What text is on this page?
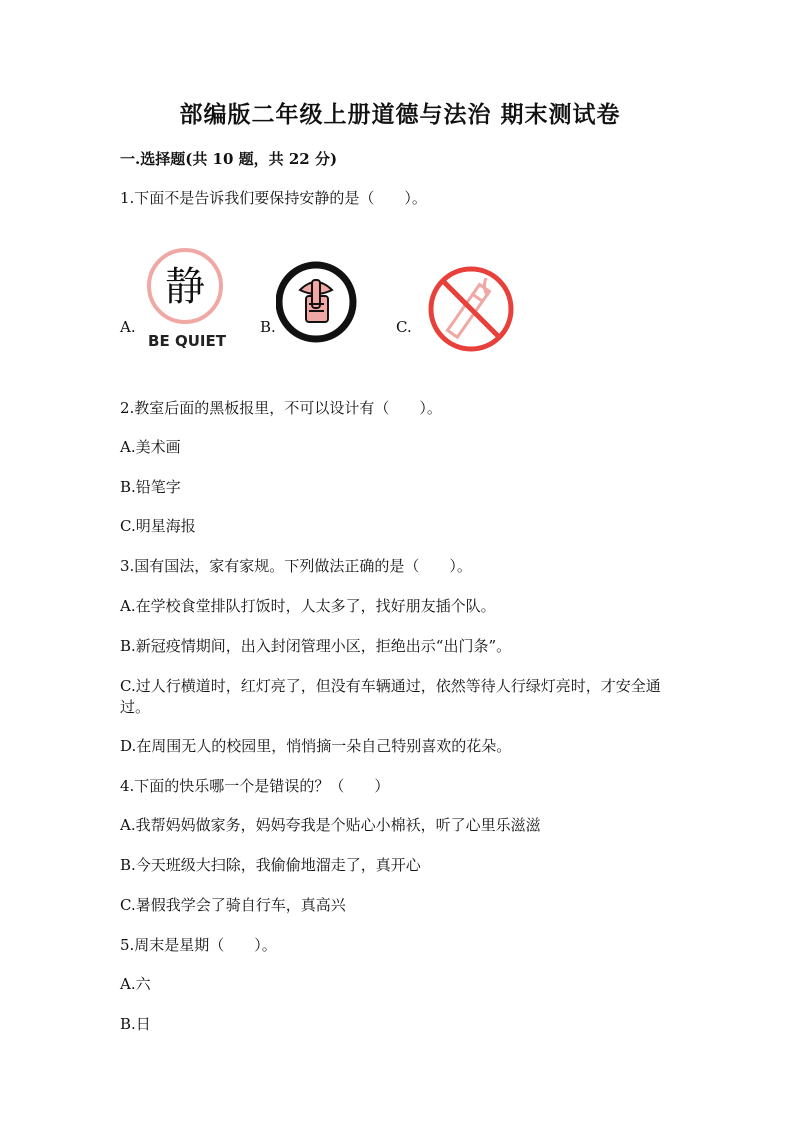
部编版二年级上册道德与法治 期末测试卷
一.选择题(共 10 题，共 22 分)
1.下面不是告诉我们要保持安静的是（　　）。
A.
静
BE QUIET
B.	C.
2.教室后面的黑板报里，不可以设计有（　　）。
A.美术画
B.铅笔字
C.明星海报
3.国有国法，家有家规。下列做法正确的是（　　）。
A.在学校食堂排队打饭时，人太多了，找好朋友插个队。
B.新冠疫情期间，出入封闭管理小区，拒绝出示“出门条”。
C.过人行横道时，红灯亮了，但没有车辆通过，依然等待人行绿灯亮时，才安全通过。
D.在周围无人的校园里，悄悄摘一朵自己特别喜欢的花朵。
4.下面的快乐哪一个是错误的？（　　）
A.我帮妈妈做家务，妈妈夸我是个贴心小棉袄，听了心里乐滋滋
B.今天班级大扫除，我偷偷地溜走了，真开心
C.暑假我学会了骑自行车，真高兴
5.周末是星期（　　）。
A.六
B.日
